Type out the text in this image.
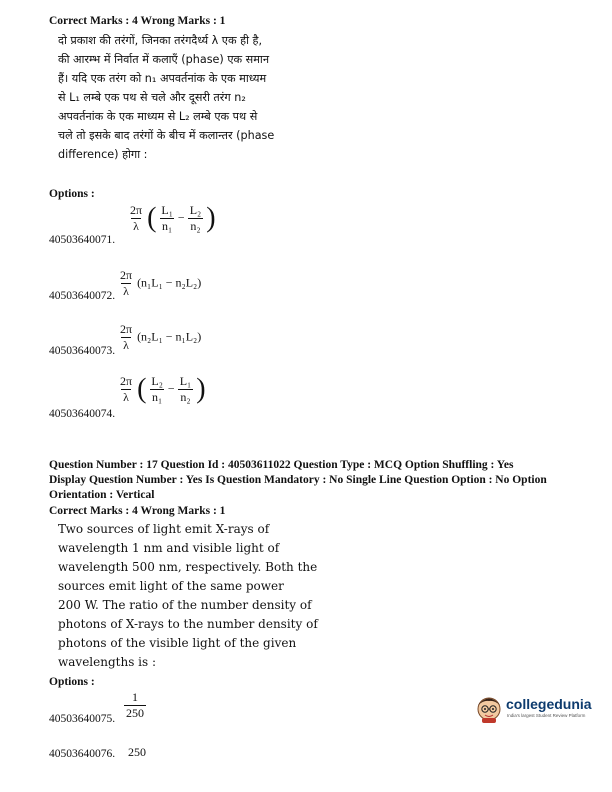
Correct Marks : 4 Wrong Marks : 1
दो प्रकाश की तरंगों, जिनका तरंगदैर्ध्य λ एक ही है,
की आरम्भ में निर्वात में कलाएँ (phase) एक समान
हैं। यदि एक तरंग को n₁ अपवर्तनांक के एक माध्यम
से L₁ लम्बे एक पथ से चले और दूसरी तरंग n₂
अपवर्तनांक के एक माध्यम से L₂ लम्बे एक पथ से
चले तो इसके बाद तरंगों के बीच में कलान्तर (phase
difference) होगा :
Options :
$\frac{2\pi}{\lambda}$ ( $\frac{\text{L₁}}{\text{n₁}} - \frac{\text{L₂}}{\text{n₂}}$ )
40503640071.
$\frac{2\pi}{\lambda} (n_1L_1 - n_2L_2)$
40503640072.
$\frac{2\pi}{\lambda} (n_2L_1 - n_1L_2)$
40503640073.
$\frac{2\pi}{\lambda}$ ( $\frac{\text{L₂}}{\text{n₁}} - \frac{\text{L₁}}{\text{n₂}}$ )
40503640074.
Question Number : 17 Question Id : 40503611022 Question Type : MCQ Option Shuffling : Yes
Display Question Number : Yes Is Question Mandatory : No Single Line Question Option : No Option
Orientation : Vertical
Correct Marks : 4 Wrong Marks : 1
Two sources of light emit X-rays of
wavelength 1 nm and visible light of
wavelength 500 nm, respectively. Both the
sources emit light of the same power
200 W. The ratio of the number density of
photons of X-rays to the number density of
photons of the visible light of the given
wavelengths is :
Options :
$\frac{1}{250}$
40503640075.
40503640076. 250
collegedunia
India's largest Student Review Platform
